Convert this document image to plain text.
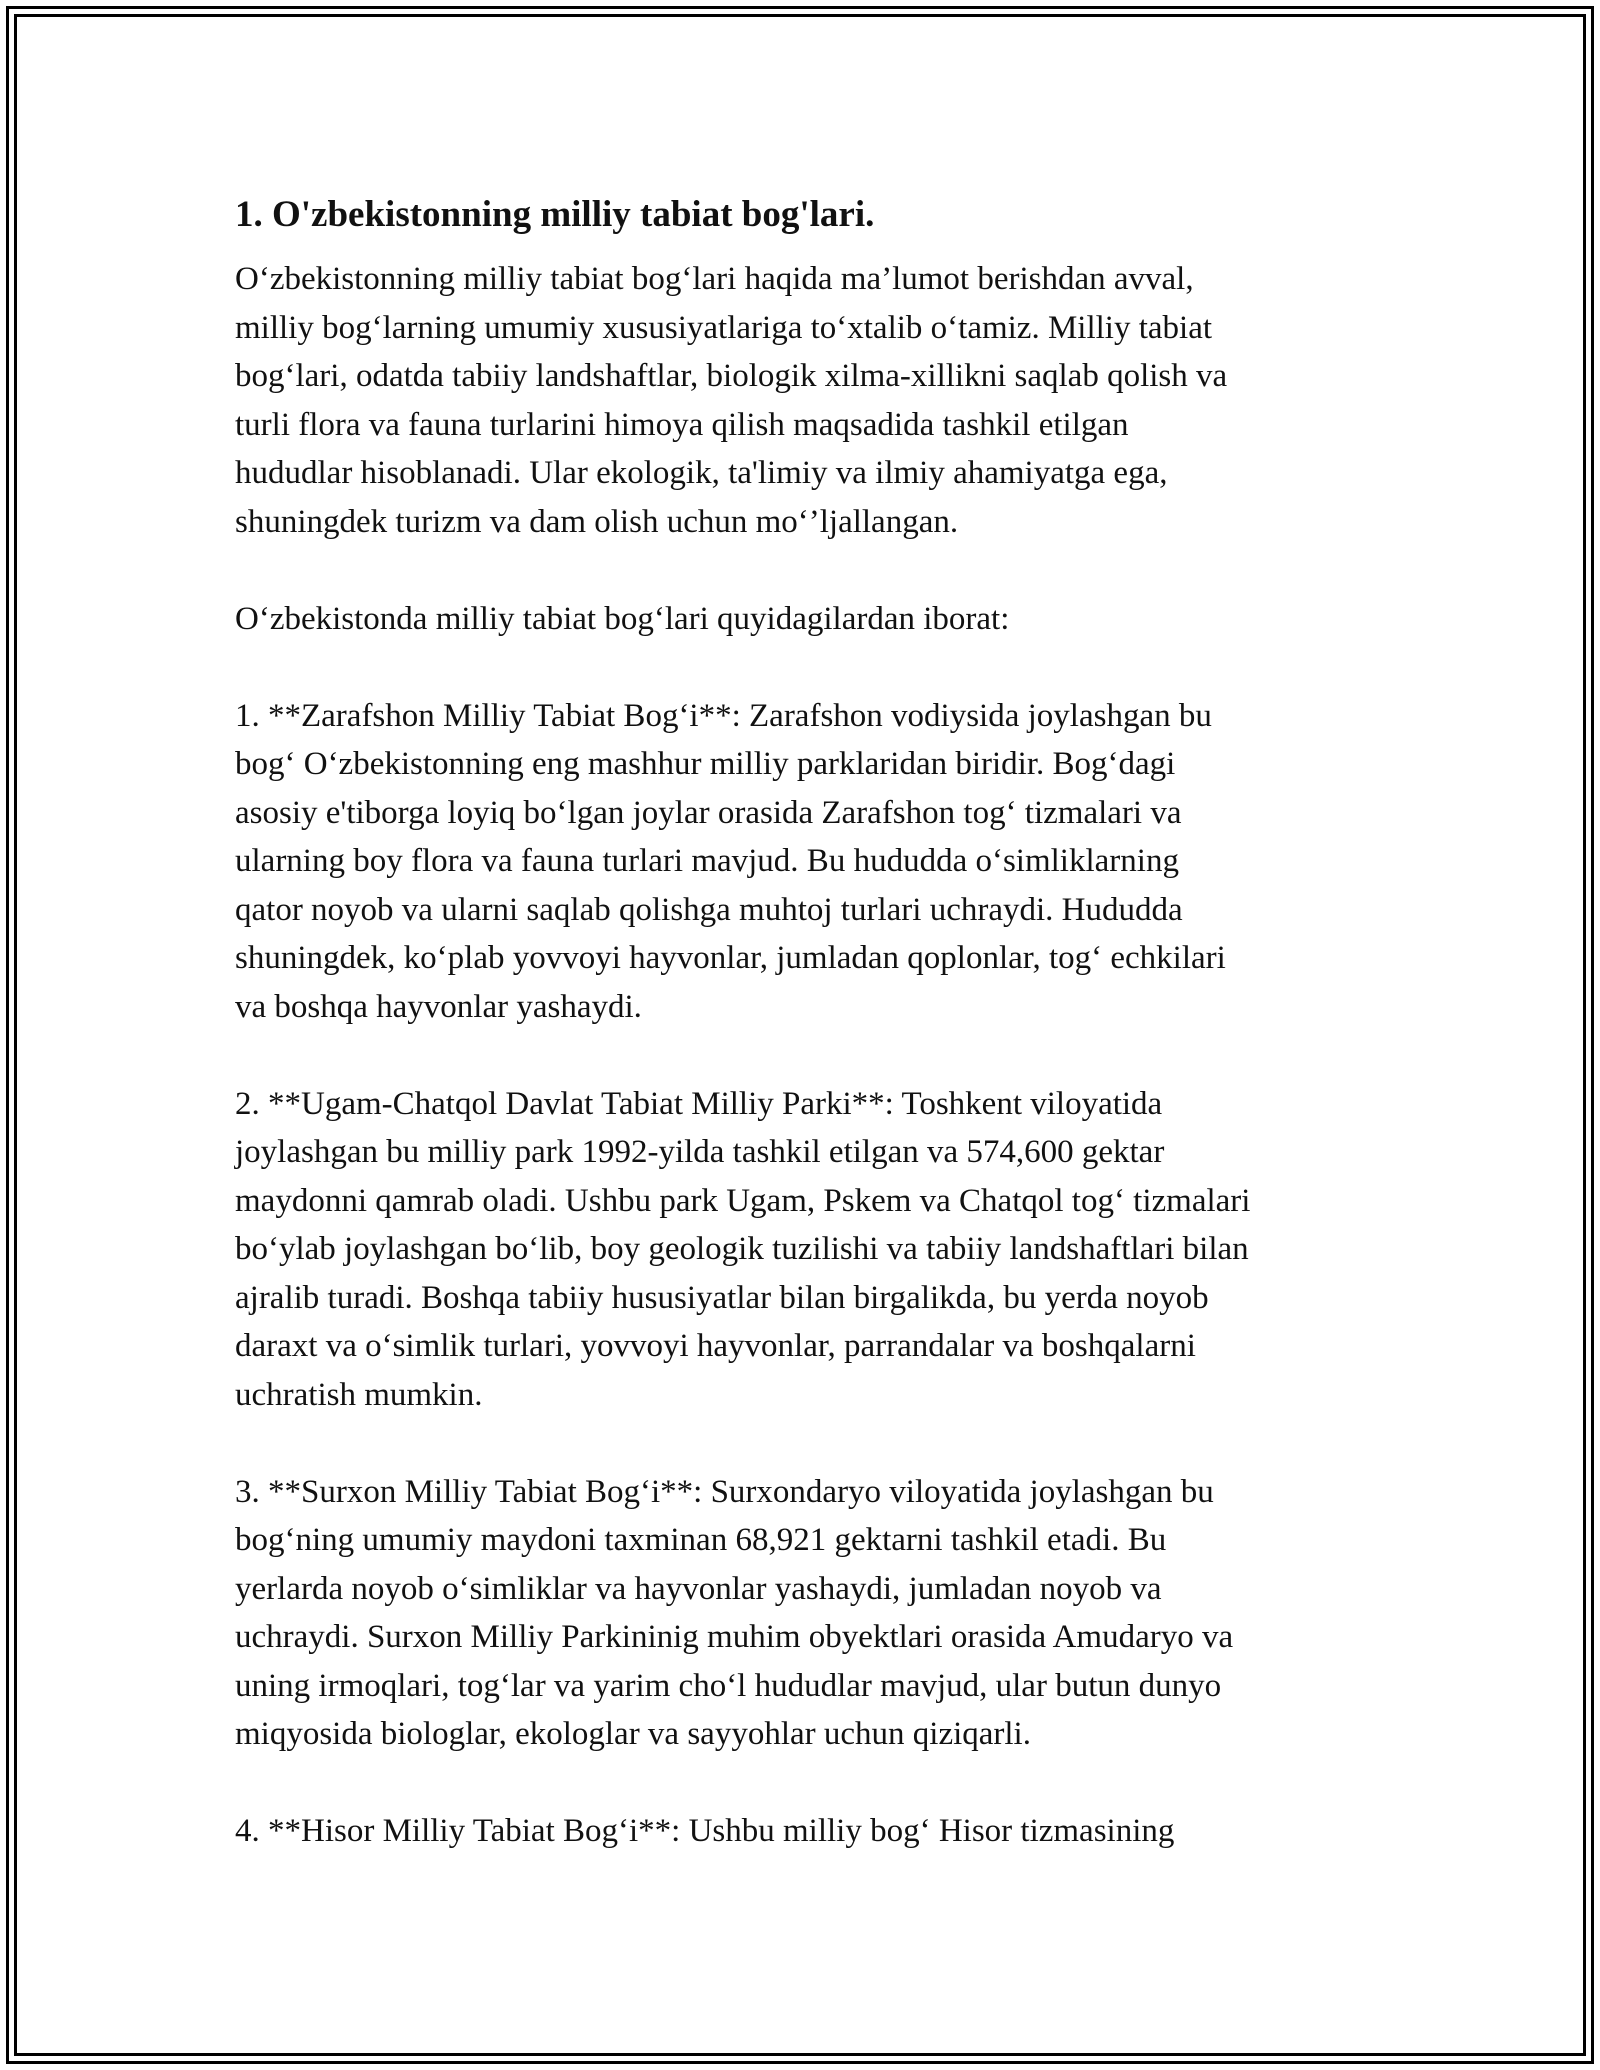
1. O'zbekistonning milliy tabiat bog'lari.
O‘zbekistonning milliy tabiat bog‘lari haqida ma’lumot berishdan avval,
milliy bog‘larning umumiy xususiyatlariga to‘xtalib o‘tamiz. Milliy tabiat
bog‘lari, odatda tabiiy landshaftlar, biologik xilma-xillikni saqlab qolish va
turli flora va fauna turlarini himoya qilish maqsadida tashkil etilgan
hududlar hisoblanadi. Ular ekologik, ta'limiy va ilmiy ahamiyatga ega,
shuningdek turizm va dam olish uchun mo‘’ljallangan.
O‘zbekistonda milliy tabiat bog‘lari quyidagilardan iborat:
1. **Zarafshon Milliy Tabiat Bog‘i**: Zarafshon vodiysida joylashgan bu
bog‘ O‘zbekistonning eng mashhur milliy parklaridan biridir. Bog‘dagi
asosiy e'tiborga loyiq bo‘lgan joylar orasida Zarafshon tog‘ tizmalari va
ularning boy flora va fauna turlari mavjud. Bu hududda o‘simliklarning
qator noyob va ularni saqlab qolishga muhtoj turlari uchraydi. Hududda
shuningdek, ko‘plab yovvoyi hayvonlar, jumladan qoplonlar, tog‘ echkilari
va boshqa hayvonlar yashaydi.
2. **Ugam-Chatqol Davlat Tabiat Milliy Parki**: Toshkent viloyatida
joylashgan bu milliy park 1992-yilda tashkil etilgan va 574,600 gektar
maydonni qamrab oladi. Ushbu park Ugam, Pskem va Chatqol tog‘ tizmalari
bo‘ylab joylashgan bo‘lib, boy geologik tuzilishi va tabiiy landshaftlari bilan
ajralib turadi. Boshqa tabiiy hususiyatlar bilan birgalikda, bu yerda noyob
daraxt va o‘simlik turlari, yovvoyi hayvonlar, parrandalar va boshqalarni
uchratish mumkin.
3. **Surxon Milliy Tabiat Bog‘i**: Surxondaryo viloyatida joylashgan bu
bog‘ning umumiy maydoni taxminan 68,921 gektarni tashkil etadi. Bu
yerlarda noyob o‘simliklar va hayvonlar yashaydi, jumladan noyob va
uchraydi. Surxon Milliy Parkininig muhim obyektlari orasida Amudaryo va
uning irmoqlari, tog‘lar va yarim cho‘l hududlar mavjud, ular butun dunyo
miqyosida biologlar, ekologlar va sayyohlar uchun qiziqarli.
4. **Hisor Milliy Tabiat Bog‘i**: Ushbu milliy bog‘ Hisor tizmasining
